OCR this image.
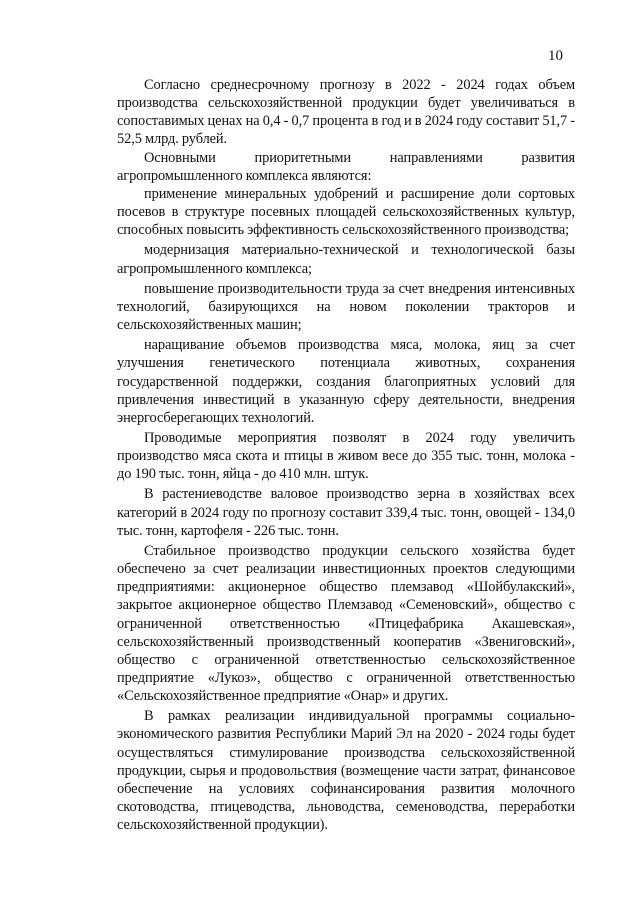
10

Согласно среднесрочному прогнозу в 2022 - 2024 годах объем производства сельскохозяйственной продукции будет увеличиваться в сопоставимых ценах на 0,4 - 0,7 процента в год и в 2024 году составит 51,7 - 52,5 млрд. рублей.

Основными приоритетными направлениями развития агропромышленного комплекса являются:

применение минеральных удобрений и расширение доли сортовых посевов в структуре посевных площадей сельскохозяйственных культур, способных повысить эффективность сельскохозяйственного производства;

модернизация материально-технической и технологической базы агропромышленного комплекса;

повышение производительности труда за счет внедрения интенсивных технологий, базирующихся на новом поколении тракторов и сельскохозяйственных машин;

наращивание объемов производства мяса, молока, яиц за счет улучшения генетического потенциала животных, сохранения государственной поддержки, создания благоприятных условий для привлечения инвестиций в указанную сферу деятельности, внедрения энергосберегающих технологий.

Проводимые мероприятия позволят в 2024 году увеличить производство мяса скота и птицы в живом весе до 355 тыс. тонн, молока - до 190 тыс. тонн, яйца - до 410 млн. штук.

В растениеводстве валовое производство зерна в хозяйствах всех категорий в 2024 году по прогнозу составит 339,4 тыс. тонн, овощей - 134,0 тыс. тонн, картофеля - 226 тыс. тонн.

Стабильное производство продукции сельского хозяйства будет обеспечено за счет реализации инвестиционных проектов следующими предприятиями: акционерное общество племзавод «Шойбулакский», закрытое акционерное общество Племзавод «Семеновский», общество с ограниченной ответственностью «Птицефабрика Акашевская», сельскохозяйственный производственный кооператив «Звениговский», общество с ограниченной ответственностью сельскохозяйственное предприятие «Лукоз», общество с ограниченной ответственностью «Сельскохозяйственное предприятие «Онар» и других.

В рамках реализации индивидуальной программы социально-экономического развития Республики Марий Эл на 2020 - 2024 годы будет осуществляться стимулирование производства сельскохозяйственной продукции, сырья и продовольствия (возмещение части затрат, финансовое обеспечение на условиях софинансирования развития молочного скотоводства, птицеводства, льноводства, семеноводства, переработки сельскохозяйственной продукции).
